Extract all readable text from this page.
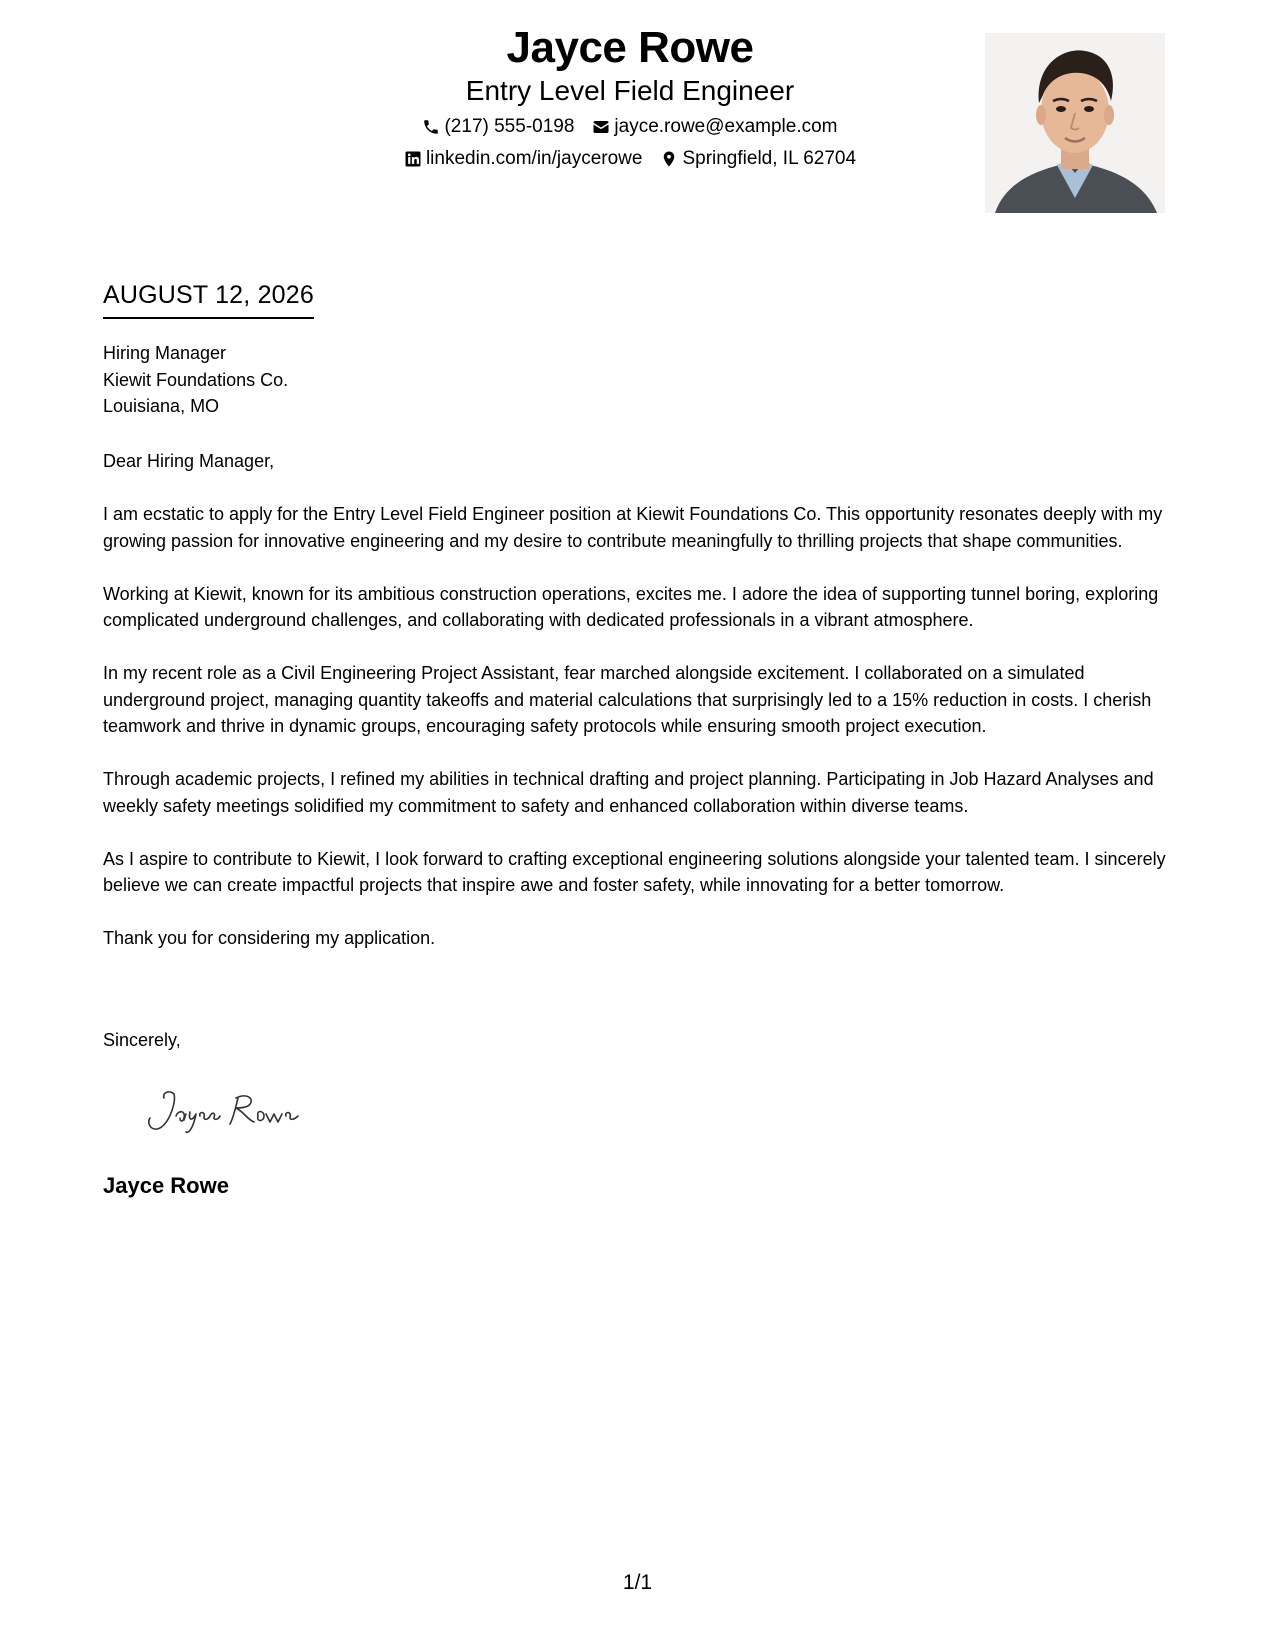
Jayce Rowe
Entry Level Field Engineer
(217) 555-0198 jayce.rowe@example.com
linkedin.com/in/jaycerowe Springfield, IL 62704
AUGUST 12, 2026
Hiring Manager
Kiewit Foundations Co.
Louisiana, MO

Dear Hiring Manager,

I am ecstatic to apply for the Entry Level Field Engineer position at Kiewit Foundations Co. This opportunity resonates deeply with my growing passion for innovative engineering and my desire to contribute meaningfully to thrilling projects that shape communities.

Working at Kiewit, known for its ambitious construction operations, excites me. I adore the idea of supporting tunnel boring, exploring complicated underground challenges, and collaborating with dedicated professionals in a vibrant atmosphere.

In my recent role as a Civil Engineering Project Assistant, fear marched alongside excitement. I collaborated on a simulated underground project, managing quantity takeoffs and material calculations that surprisingly led to a 15% reduction in costs. I cherish teamwork and thrive in dynamic groups, encouraging safety protocols while ensuring smooth project execution.

Through academic projects, I refined my abilities in technical drafting and project planning. Participating in Job Hazard Analyses and weekly safety meetings solidified my commitment to safety and enhanced collaboration within diverse teams.

As I aspire to contribute to Kiewit, I look forward to crafting exceptional engineering solutions alongside your talented team. I sincerely believe we can create impactful projects that inspire awe and foster safety, while innovating for a better tomorrow.

Thank you for considering my application.

Sincerely,
Jayce Rowe
1/1
